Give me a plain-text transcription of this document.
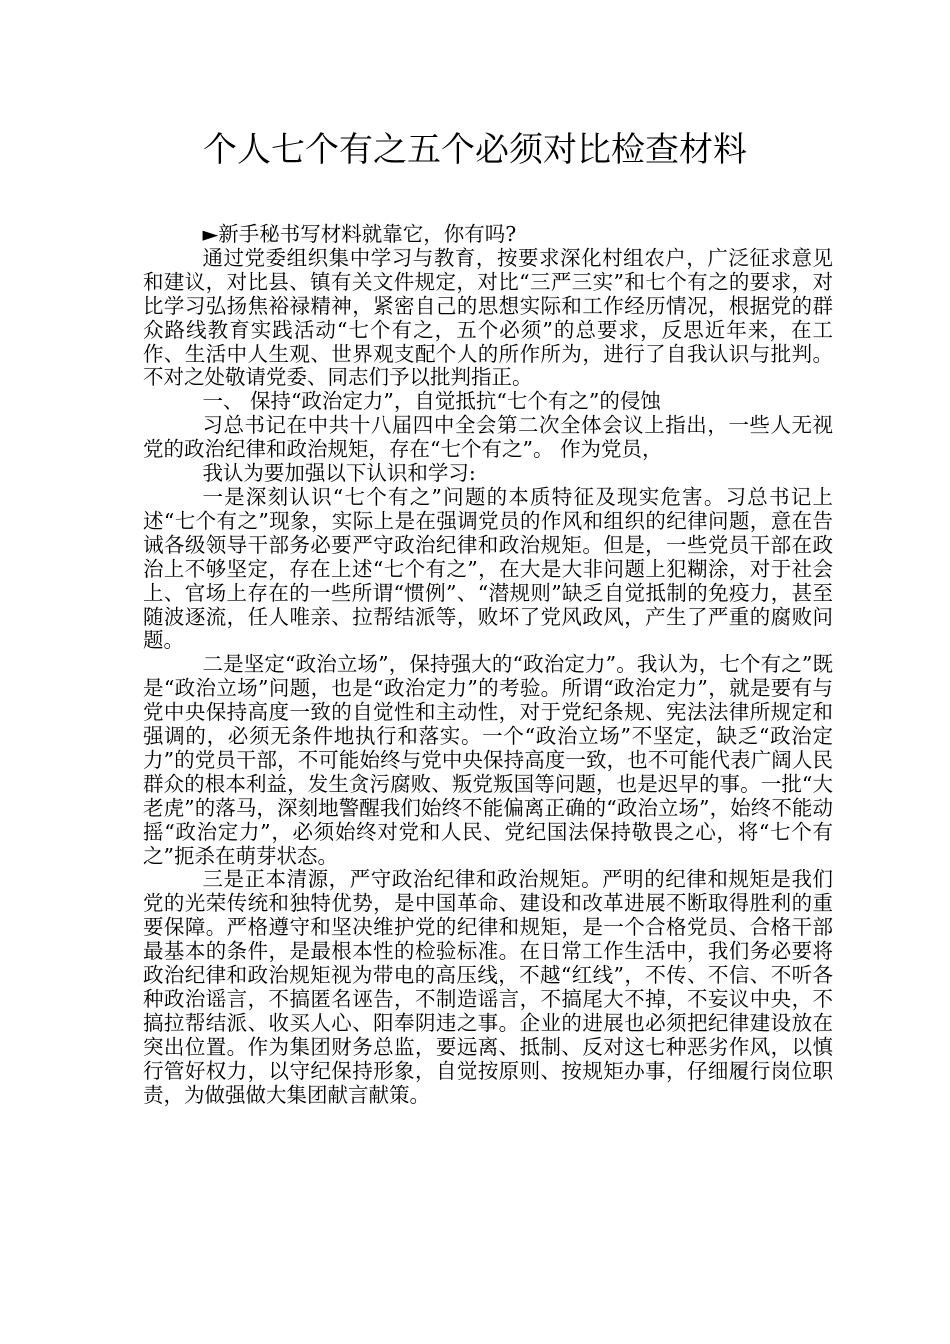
个人七个有之五个必须对比检查材料

►新手秘书写材料就靠它，你有吗?

通过党委组织集中学习与教育，按要求深化村组农户，广泛征求意见和建议，对比县、镇有关文件规定，对比“三严三实”和七个有之的要求，对比学习弘扬焦裕禄精神，紧密自己的思想实际和工作经历情况，根据党的群众路线教育实践活动“七个有之，五个必须”的总要求，反思近年来，在工作、生活中人生观、世界观支配个人的所作所为，进行了自我认识与批判。不对之处敬请党委、同志们予以批判指正。

一、 保持“政治定力”，自觉抵抗“七个有之”的侵蚀

习总书记在中共十八届四中全会第二次全体会议上指出，一些人无视党的政治纪律和政治规矩，存在“七个有之”。 作为党员，

我认为要加强以下认识和学习:

一是深刻认识“七个有之”问题的本质特征及现实危害。习总书记上述“七个有之”现象，实际上是在强调党员的作风和组织的纪律问题，意在告诫各级领导干部务必要严守政治纪律和政治规矩。但是，一些党员干部在政治上不够坚定，存在上述“七个有之”，在大是大非问题上犯糊涂，对于社会上、官场上存在的一些所谓“惯例”、“潜规则”缺乏自觉抵制的免疫力，甚至随波逐流，任人唯亲、拉帮结派等，败坏了党风政风，产生了严重的腐败问题。

二是坚定“政治立场”，保持强大的“政治定力”。我认为，七个有之”既是“政治立场”问题，也是“政治定力”的考验。所谓“政治定力”，就是要有与党中央保持高度一致的自觉性和主动性，对于党纪条规、宪法法律所规定和强调的，必须无条件地执行和落实。一个“政治立场”不坚定，缺乏“政治定力”的党员干部，不可能始终与党中央保持高度一致，也不可能代表广阔人民群众的根本利益，发生贪污腐败、叛党叛国等问题，也是迟早的事。一批“大老虎”的落马，深刻地警醒我们始终不能偏离正确的“政治立场”，始终不能动摇“政治定力”，必须始终对党和人民、党纪国法保持敬畏之心，将“七个有之”扼杀在萌芽状态。

三是正本清源，严守政治纪律和政治规矩。严明的纪律和规矩是我们党的光荣传统和独特优势，是中国革命、建设和改革进展不断取得胜利的重要保障。严格遵守和坚决维护党的纪律和规矩，是一个合格党员、合格干部最基本的条件，是最根本性的检验标准。在日常工作生活中，我们务必要将政治纪律和政治规矩视为带电的高压线，不越“红线”，不传、不信、不听各种政治谣言，不搞匿名诬告，不制造谣言，不搞尾大不掉，不妄议中央，不搞拉帮结派、收买人心、阳奉阴违之事。企业的进展也必须把纪律建设放在突出位置。作为集团财务总监，要远离、抵制、反对这七种恶劣作风，以慎行管好权力，以守纪保持形象，自觉按原则、按规矩办事，仔细履行岗位职责，为做强做大集团献言献策。
